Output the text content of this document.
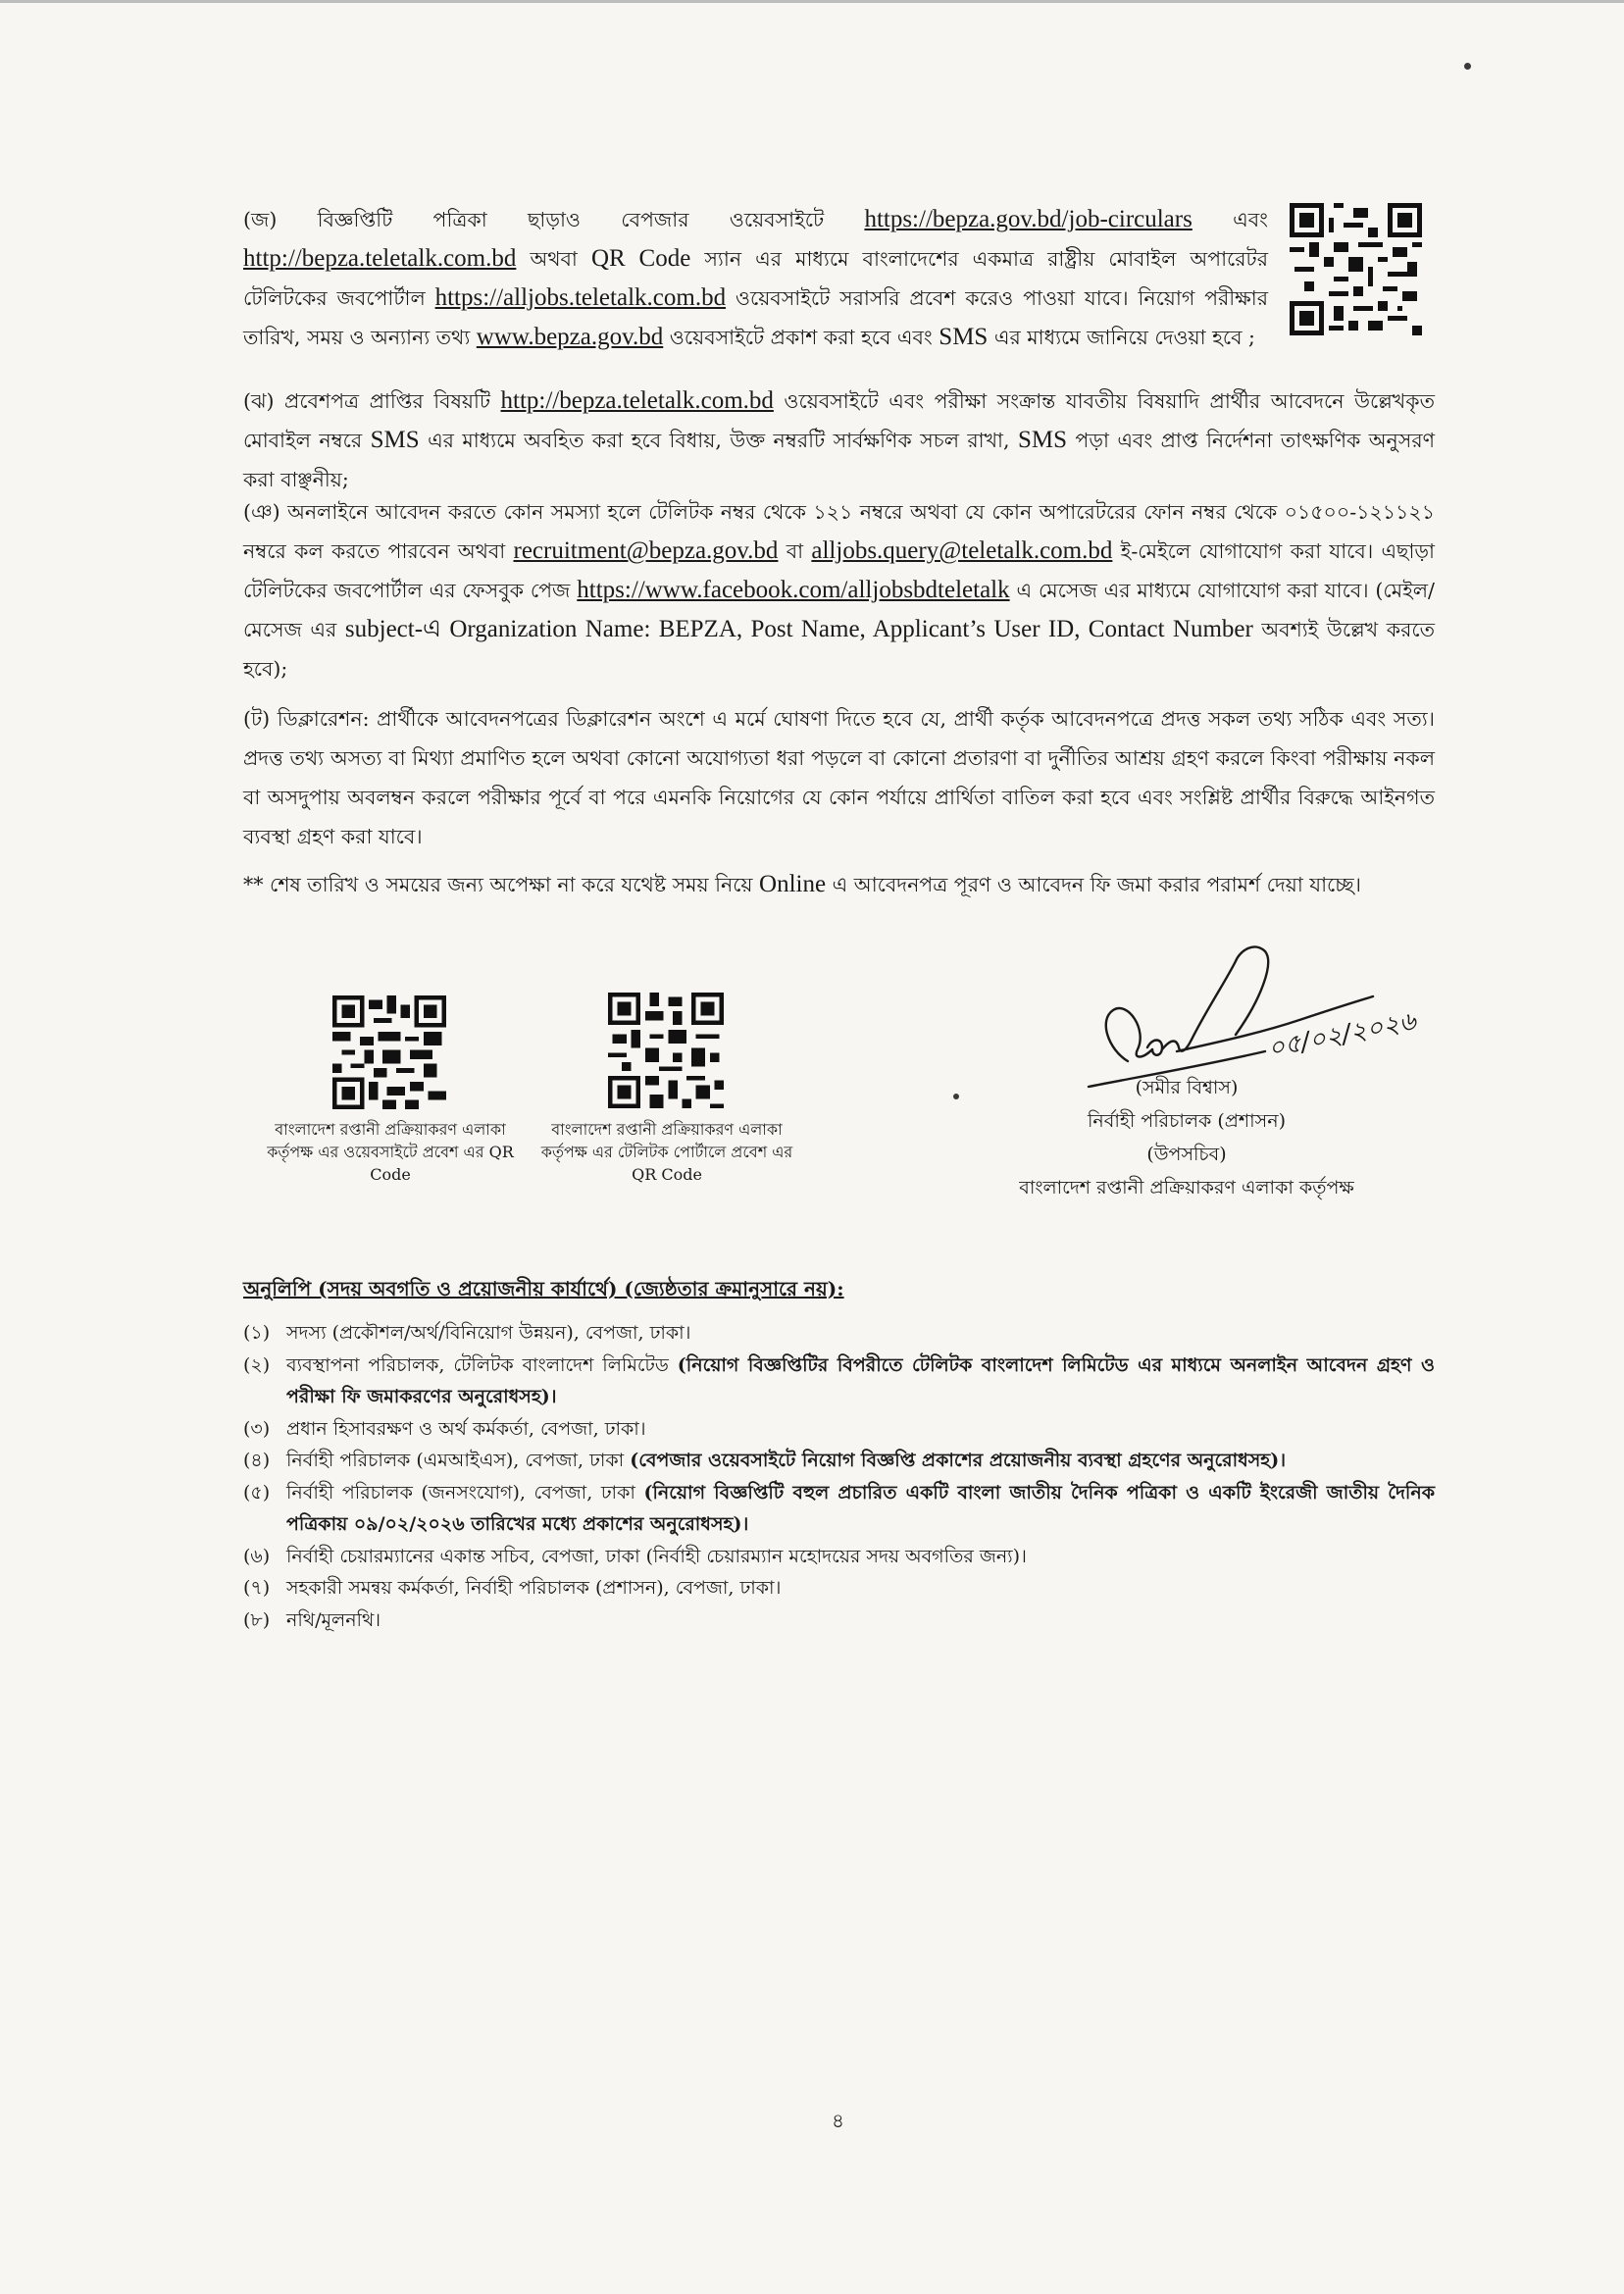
(জ) বিজ্ঞপ্তিটি পত্রিকা ছাড়াও বেপজার ওয়েবসাইটে https://bepza.gov.bd/job-circulars এবং http://bepza.teletalk.com.bd অথবা QR Code স্যান এর মাধ্যমে বাংলাদেশের একমাত্র রাষ্ট্রীয় মোবাইল অপারেটর টেলিটকের জবপোর্টাল https://alljobs.teletalk.com.bd ওয়েবসাইটে সরাসরি প্রবেশ করেও পাওয়া যাবে। নিয়োগ পরীক্ষার তারিখ, সময় ও অন্যান্য তথ্য www.bepza.gov.bd ওয়েবসাইটে প্রকাশ করা হবে এবং SMS এর মাধ্যমে জানিয়ে দেওয়া হবে ;
(ঝ) প্রবেশপত্র প্রাপ্তির বিষয়টি http://bepza.teletalk.com.bd ওয়েবসাইটে এবং পরীক্ষা সংক্রান্ত যাবতীয় বিষয়াদি প্রার্থীর আবেদনে উল্লেখকৃত মোবাইল নম্বরে SMS এর মাধ্যমে অবহিত করা হবে বিধায়, উক্ত নম্বরটি সার্বক্ষণিক সচল রাখা, SMS পড়া এবং প্রাপ্ত নির্দেশনা তাৎক্ষণিক অনুসরণ করা বাঞ্ছনীয়;
(ঞ) অনলাইনে আবেদন করতে কোন সমস্যা হলে টেলিটক নম্বর থেকে ১২১ নম্বরে অথবা যে কোন অপারেটরের ফোন নম্বর থেকে ০১৫০০-১২১১২১ নম্বরে কল করতে পারবেন অথবা recruitment@bepza.gov.bd বা alljobs.query@teletalk.com.bd ই-মেইলে যোগাযোগ করা যাবে। এছাড়া টেলিটকের জবপোর্টাল এর ফেসবুক পেজ https://www.facebook.com/alljobsbdteletalk এ মেসেজ এর মাধ্যমে যোগাযোগ করা যাবে। (মেইল/মেসেজ এর subject-এ Organization Name: BEPZA, Post Name, Applicant’s User ID, Contact Number অবশ্যই উল্লেখ করতে হবে);
(ট) ডিক্লারেশন: প্রার্থীকে আবেদনপত্রের ডিক্লারেশন অংশে এ মর্মে ঘোষণা দিতে হবে যে, প্রার্থী কর্তৃক আবেদনপত্রে প্রদত্ত সকল তথ্য সঠিক এবং সত্য। প্রদত্ত তথ্য অসত্য বা মিথ্যা প্রমাণিত হলে অথবা কোনো অযোগ্যতা ধরা পড়লে বা কোনো প্রতারণা বা দুর্নীতির আশ্রয় গ্রহণ করলে কিংবা পরীক্ষায় নকল বা অসদুপায় অবলম্বন করলে পরীক্ষার পূর্বে বা পরে এমনকি নিয়োগের যে কোন পর্যায়ে প্রার্থিতা বাতিল করা হবে এবং সংশ্লিষ্ট প্রার্থীর বিরুদ্ধে আইনগত ব্যবস্থা গ্রহণ করা যাবে।
** শেষ তারিখ ও সময়ের জন্য অপেক্ষা না করে যথেষ্ট সময় নিয়ে Online এ আবেদনপত্র পূরণ ও আবেদন ফি জমা করার পরামর্শ দেয়া যাচ্ছে।
বাংলাদেশ রপ্তানী প্রক্রিয়াকরণ এলাকা কর্তৃপক্ষ এর ওয়েবসাইটে প্রবেশ এর QR Code
বাংলাদেশ রপ্তানী প্রক্রিয়াকরণ এলাকা কর্তৃপক্ষ এর টেলিটক পোর্টালে প্রবেশ এর QR Code
০৫/০২/২০২৬
(সমীর বিশ্বাস)
নির্বাহী পরিচালক (প্রশাসন)
(উপসচিব)
বাংলাদেশ রপ্তানী প্রক্রিয়াকরণ এলাকা কর্তৃপক্ষ
অনুলিপি (সদয় অবগতি ও প্রয়োজনীয় কার্যার্থে) (জ্যেষ্ঠতার ক্রমানুসারে নয়):
(১) সদস্য (প্রকৌশল/অর্থ/বিনিয়োগ উন্নয়ন), বেপজা, ঢাকা।
(২) ব্যবস্থাপনা পরিচালক, টেলিটক বাংলাদেশ লিমিটেড (নিয়োগ বিজ্ঞপ্তিটির বিপরীতে টেলিটক বাংলাদেশ লিমিটেড এর মাধ্যমে অনলাইন আবেদন গ্রহণ ও পরীক্ষা ফি জমাকরণের অনুরোধসহ)।
(৩) প্রধান হিসাবরক্ষণ ও অর্থ কর্মকর্তা, বেপজা, ঢাকা।
(৪) নির্বাহী পরিচালক (এমআইএস), বেপজা, ঢাকা (বেপজার ওয়েবসাইটে নিয়োগ বিজ্ঞপ্তি প্রকাশের প্রয়োজনীয় ব্যবস্থা গ্রহণের অনুরোধসহ)।
(৫) নির্বাহী পরিচালক (জনসংযোগ), বেপজা, ঢাকা (নিয়োগ বিজ্ঞপ্তিটি বহুল প্রচারিত একটি বাংলা জাতীয় দৈনিক পত্রিকা ও একটি ইংরেজী জাতীয় দৈনিক পত্রিকায় ০৯/০২/২০২৬ তারিখের মধ্যে প্রকাশের অনুরোধসহ)।
(৬) নির্বাহী চেয়ারম্যানের একান্ত সচিব, বেপজা, ঢাকা (নির্বাহী চেয়ারম্যান মহোদয়ের সদয় অবগতির জন্য)।
(৭) সহকারী সমন্বয় কর্মকর্তা, নির্বাহী পরিচালক (প্রশাসন), বেপজা, ঢাকা।
(৮) নথি/মূলনথি।
৪
